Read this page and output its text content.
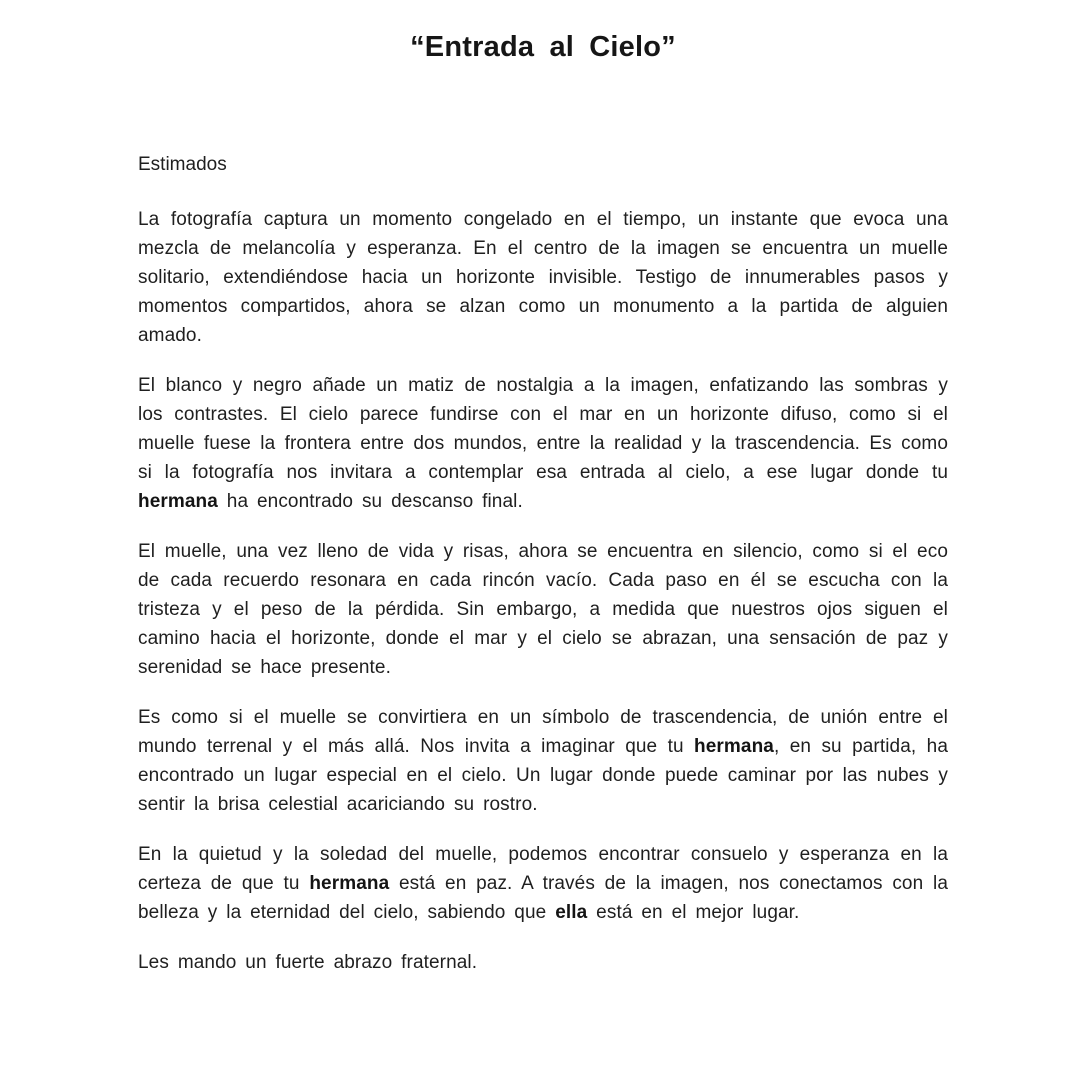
“Entrada al Cielo”
Estimados

La fotografía captura un momento congelado en el tiempo, un instante que evoca una mezcla de melancolía y esperanza. En el centro de la imagen se encuentra un muelle solitario, extendiéndose hacia un horizonte invisible. Testigo de innumerables pasos y momentos compartidos, ahora se alzan como un monumento a la partida de alguien amado.

El blanco y negro añade un matiz de nostalgia a la imagen, enfatizando las sombras y los contrastes. El cielo parece fundirse con el mar en un horizonte difuso, como si el muelle fuese la frontera entre dos mundos, entre la realidad y la trascendencia. Es como si la fotografía nos invitara a contemplar esa entrada al cielo, a ese lugar donde tu hermana ha encontrado su descanso final.

El muelle, una vez lleno de vida y risas, ahora se encuentra en silencio, como si el eco de cada recuerdo resonara en cada rincón vacío. Cada paso en él se escucha con la tristeza y el peso de la pérdida. Sin embargo, a medida que nuestros ojos siguen el camino hacia el horizonte, donde el mar y el cielo se abrazan, una sensación de paz y serenidad se hace presente.

Es como si el muelle se convirtiera en un símbolo de trascendencia, de unión entre el mundo terrenal y el más allá. Nos invita a imaginar que tu hermana, en su partida, ha encontrado un lugar especial en el cielo. Un lugar donde puede caminar por las nubes y sentir la brisa celestial acariciando su rostro.

En la quietud y la soledad del muelle, podemos encontrar consuelo y esperanza en la certeza de que tu hermana está en paz. A través de la imagen, nos conectamos con la belleza y la eternidad del cielo, sabiendo que ella está en el mejor lugar.

Les mando un fuerte abrazo fraternal.
